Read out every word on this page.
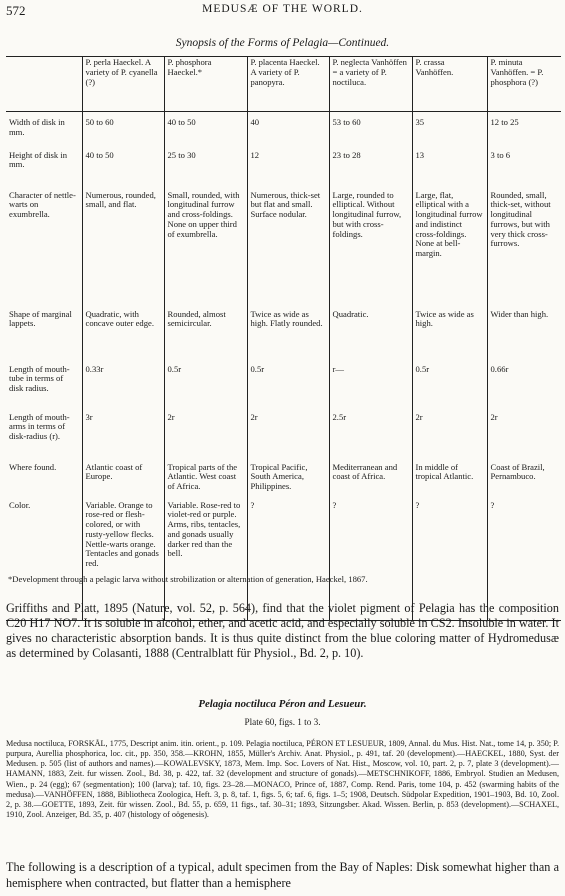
572	MEDUSÆ OF THE WORLD.
Synopsis of the Forms of Pelagia—Continued.
	P. perla Haeckel. A variety of P. cyanella (?)	P. phosphora Haeckel.*	P. placenta Haeckel. A variety of P. panopyra.	P. neglecta Vanhöffen = a variety of P. noctiluca.	P. crassa Vanhöffen.	P. minuta Vanhöffen. = P. phosphora (?)
Width of disk in mm.	50 to 60	40 to 50	40	53 to 60	35	12 to 25
Height of disk in mm.	40 to 50	25 to 30	12	23 to 28	13	3 to 6
Character of nettle-warts on exumbrella.	Numerous, rounded, small, and flat.	Small, rounded, with longitudinal furrow and cross-foldings. None on upper third of exumbrella.	Numerous, thick-set but flat and small. Surface nodular.	Large, rounded to elliptical. Without longitudinal furrow, but with cross-foldings.	Large, flat, elliptical with a longitudinal furrow and indistinct cross-foldings. None at bell-margin.	Rounded, small, thick-set, without longitudinal furrows, but with very thick cross-furrows.
Shape of marginal lappets.	Quadratic, with concave outer edge.	Rounded, almost semicircular.	Twice as wide as high. Flatly rounded.	Quadratic.	Twice as wide as high.	Wider than high.
Length of mouth-tube in terms of disk radius.	0.33r	0.5r	0.5r	r—	0.5r	0.66r
Length of mouth-arms in terms of disk-radius (r).	3r	2r	2r	2.5r	2r	2r
Where found.	Atlantic coast of Europe.	Tropical parts of the Atlantic. West coast of Africa.	Tropical Pacific, South America, Philippines.	Mediterranean and coast of Africa.	In middle of tropical Atlantic.	Coast of Brazil, Pernambuco.
Color.	Variable. Orange to rose-red or flesh-colored, or with rusty-yellow flecks. Nettle-warts orange. Tentacles and gonads red.	Variable. Rose-red to violet-red or purple. Arms, ribs, tentacles, and gonads usually darker red than the bell.	?	?	?	?
*Development through a pelagic larva without strobilization or alternation of generation, Haeckel, 1867.
Griffiths and Platt, 1895 (Nature, vol. 52, p. 564), find that the violet pigment of Pelagia has the composition C20 H17 NO7. It is soluble in alcohol, ether, and acetic acid, and especially soluble in CS2. Insoluble in water. It gives no characteristic absorption bands. It is thus quite distinct from the blue coloring matter of Hydromedusæ as determined by Colasanti, 1888 (Centralblatt für Physiol., Bd. 2, p. 10).
Pelagia noctiluca Péron and Lesueur.
Plate 60, figs. 1 to 3.
Medusa noctiluca, FORSKÅL, 1775, Descript anim. itin. orient., p. 109. Pelagia noctiluca, PÉRON ET LESUEUR, 1809, Annal. du Mus. Hist. Nat., tome 14, p. 350; P. purpura, Aurellia phosphorica, loc. cit., pp. 350, 358.—KROHN, 1855, Müller's Archiv. Anat. Physiol., p. 491, taf. 20 (development).—HAECKEL, 1880, Syst. der Medusen. p. 505 (list of authors and names).—KOWALEVSKY, 1873, Mem. Imp. Soc. Lovers of Nat. Hist., Moscow, vol. 10, part. 2, p. 7, plate 3 (development).—HAMANN, 1883, Zeit. fur wissen. Zool., Bd. 38, p. 422, taf. 32 (development and structure of gonads).—METSCHNIKOFF, 1886, Embryol. Studien an Medusen, Wien., p. 24 (egg); 67 (segmentation); 100 (larva); taf. 10, figs. 23–28.—MONACO, Prince of, 1887, Comp. Rend. Paris, tome 104, p. 452 (swarming habits of the medusa).—VANHÖFFEN, 1888, Bibliotheca Zoologica, Heft. 3, p. 8, taf. 1, figs. 5, 6; taf. 6, figs. 1–5; 1908, Deutsch. Südpolar Expedition, 1901–1903, Bd. 10, Zool. 2, p. 38.—GOETTE, 1893, Zeit. für wissen. Zool., Bd. 55, p. 659, 11 figs., taf. 30–31; 1893, Sitzungsber. Akad. Wissen. Berlin, p. 853 (development).—SCHAXEL, 1910, Zool. Anzeiger, Bd. 35, p. 407 (histology of oögenesis).
The following is a description of a typical, adult specimen from the Bay of Naples: Disk somewhat higher than a hemisphere when contracted, but flatter than a hemisphere
